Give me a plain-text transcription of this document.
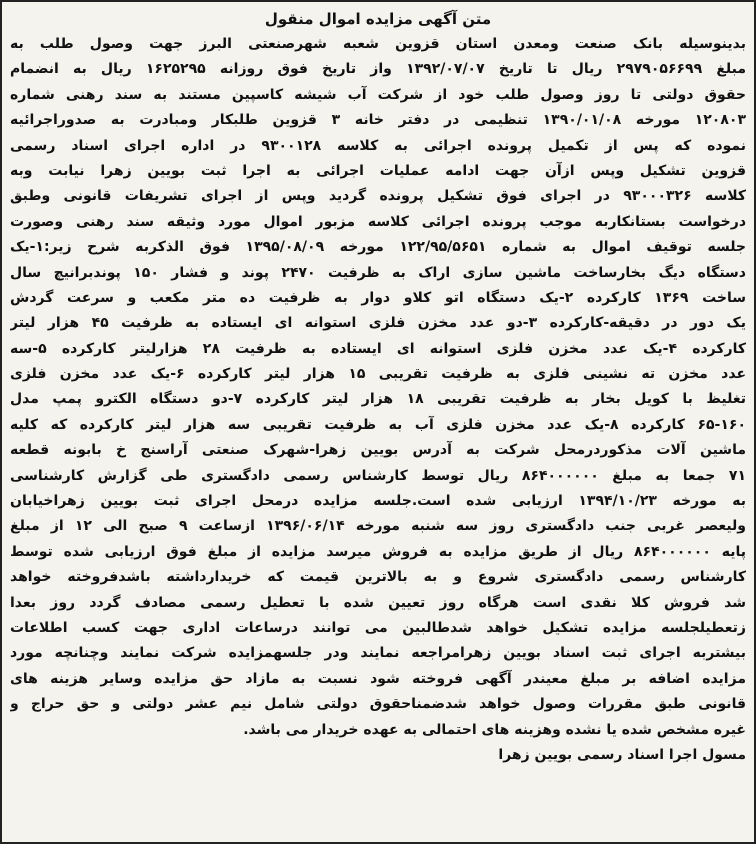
متن آگهی مزایده اموال منقول
بدینوسیله بانک صنعت ومعدن استان قزوین شعبه شهرصنعتی البرز جهت وصول طلب به
مبلغ ۲۹۷۹۰۵۶۶۹۹ ریال تا تاریخ ۱۳۹۲/۰۷/۰۷ واز تاریخ فوق روزانه ۱۶۲۵۲۹۵ ریال به انضمام
حقوق دولتی تا روز وصول طلب خود از شرکت آب شیشه کاسپین مستند به سند رهنی شماره
۱۲۰۸۰۳ مورخه ۱۳۹۰/۰۱/۰۸ تنظیمی در دفتر خانه ۳ قزوین طلبکار ومبادرت به صدوراجرائیه
نموده که پس از تکمیل پرونده اجرائی به کلاسه ۹۳۰۰۱۲۸ در اداره اجرای اسناد رسمی
قزوین تشکیل وپس ازآن جهت ادامه عملیات اجرائی به اجرا ثبت بویین زهرا نیابت وبه
کلاسه ۹۳۰۰۰۳۲۶ در اجرای فوق تشکیل پرونده گردید وپس از اجرای تشریفات قانونی وطبق
درخواست بستانکاربه موجب پرونده اجرائی کلاسه مزبور اموال مورد وثیقه سند رهنی وصورت
جلسه توقیف اموال به شماره ۱۲۲/۹۵/۵۶۵۱ مورخه ۱۳۹۵/۰۸/۰۹ فوق الذکربه شرح زیر:۱-یک
دستگاه دیگ بخارساخت ماشین سازی اراک به ظرفیت ۲۴۷۰ پوند و فشار ۱۵۰ پوندبرانیچ سال
ساخت ۱۳۶۹ کارکرده ۲-یک دستگاه اتو کلاو دوار به ظرفیت ده متر مکعب و سرعت گردش
یک دور در دقیقه-کارکرده ۳-دو عدد مخزن فلزی استوانه ای ایستاده به ظرفیت ۴۵ هزار لیتر
کارکرده ۴-یک عدد مخزن فلزی استوانه ای ایستاده به ظرفیت ۲۸ هزارلیتر کارکرده ۵-سه
عدد مخزن ته نشینی فلزی به ظرفیت تقریبی ۱۵ هزار لیتر کارکرده ۶-یک عدد مخزن فلزی
تغلیظ با کویل بخار به ظرفیت تقریبی ۱۸ هزار لیتر کارکرده ۷-دو دستگاه الکترو پمپ مدل
۶۵-۱۶۰ کارکرده ۸-یک عدد مخزن فلزی آب به ظرفیت تقریبی سه هزار لیتر کارکرده که کلیه
ماشین آلات مذکوردرمحل شرکت به آدرس بویین زهرا-شهرک صنعتی آراسنج خ بابونه قطعه
۷۱ جمعا به مبلغ ۸۶۴۰۰۰۰۰۰ ریال توسط کارشناس رسمی دادگستری طی گزارش کارشناسی
به مورخه ۱۳۹۴/۱۰/۲۳ ارزیابی شده است.جلسه مزایده درمحل اجرای ثبت بویین زهراخیابان
ولیعصر غربی جنب دادگستری روز سه شنبه مورخه ۱۳۹۶/۰۶/۱۴ ازساعت ۹ صبح الی ۱۲ از مبلغ
پایه ۸۶۴۰۰۰۰۰۰ ریال از طریق مزایده به فروش میرسد مزایده از مبلغ فوق ارزیابی شده توسط
کارشناس رسمی دادگستری شروع و به بالاترین قیمت که خریدارداشته باشدفروخته خواهد
شد فروش کلا نقدی است هرگاه روز تعیین شده با تعطیل رسمی مصادف گردد روز بعدا
زتعطیلجلسه مزایده تشکیل خواهد شدطالبین می توانند درساعات اداری جهت کسب اطلاعات
بیشتربه اجرای ثبت اسناد بویین زهرامراجعه نمایند ودر جلسهمزایده شرکت نمایند وچنانچه مورد
مزایده اضافه بر مبلغ معیندر آگهی فروخته شود نسبت به مازاد حق مزایده وسایر هزینه های
قانونی طبق مقررات وصول خواهد شدضمناحقوق دولتی شامل نیم عشر دولتی و حق حراج و
غیره مشخص شده یا نشده وهزینه های احتمالی به عهده خریدار می باشد.
مسول اجرا اسناد رسمی بویین زهرا
